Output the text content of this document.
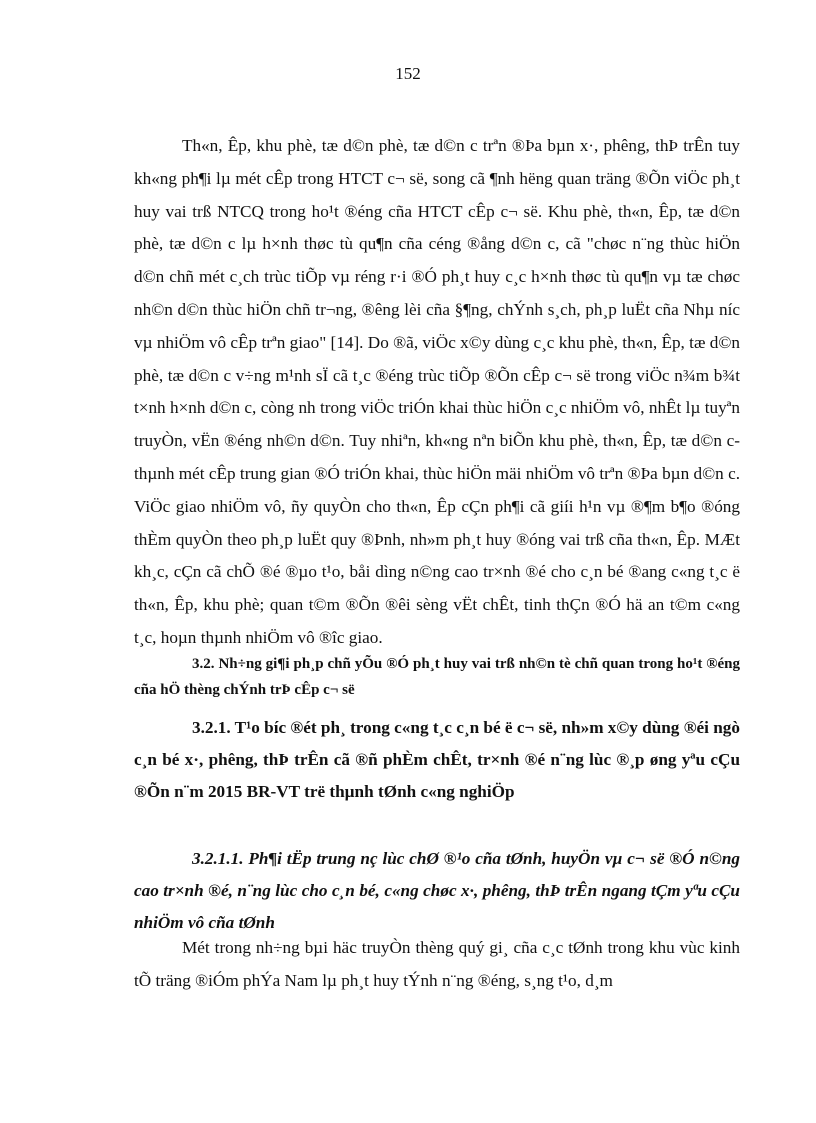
152

Th«n, Êp, khu phè, tæ d©n phè, tæ d©n c trªn ®Þa bµn x·, phêng, thÞ trÊn tuy kh«ng ph¶i lµ mét cÊp trong HTCT c¬ së, song cã ¶nh hëng quan träng ®Õn viÖc ph¸t huy vai trß NTCQ trong ho¹t ®éng cña HTCT cÊp c¬ së. Khu phè, th«n, Êp, tæ d©n phè, tæ d©n c lµ h×nh thøc tù qu¶n cña céng ®ång d©n c, cã "chøc n¨ng thùc hiÖn d©n chñ mét c¸ch trùc tiÕp vµ réng r·i ®Ó ph¸t huy c¸c h×nh thøc tù qu¶n vµ tæ chøc nh©n d©n thùc hiÖn chñ tr¬ng, ®êng lèi cña §¶ng, chÝnh s¸ch, ph¸p luËt cña Nhµ níc vµ nhiÖm vô cÊp trªn giao" [14]. Do ®ã, viÖc x©y dùng c¸c khu phè, th«n, Êp, tæ d©n phè, tæ d©n c v÷ng m¹nh sÏ cã t¸c ®éng trùc tiÕp ®Õn cÊp c¬ së trong viÖc n¾m b¾t t×nh h×nh d©n c, còng nh trong viÖc triÓn khai thùc hiÖn c¸c nhiÖm vô, nhÊt lµ tuyªn truyÒn, vËn ®éng nh©n d©n. Tuy nhiªn, kh«ng nªn biÕn khu phè, th«n, Êp, tæ d©n c thµnh mét cÊp trung gian ®Ó triÓn khai, thùc hiÖn mäi nhiÖm vô trªn ®Þa bµn d©n c. ViÖc giao nhiÖm vô, ñy quyÒn cho th«n, Êp cÇn ph¶i cã giíi h¹n vµ ®¶m b¶o ®óng thÈm quyÒn theo ph¸p luËt quy ®Þnh, nh»m ph¸t huy ®óng vai trß cña th«n, Êp. MÆt kh¸c, cÇn cã chÕ ®é ®µo t¹o, båi dìng n©ng cao tr×nh ®é cho c¸n bé ®ang c«ng t¸c ë th«n, Êp, khu phè; quan t©m ®Õn ®êi sèng vËt chÊt, tinh thÇn ®Ó hä an t©m c«ng t¸c, hoµn thµnh nhiÖm vô ®îc giao.

3.2. Nh÷ng gi¶i ph¸p chñ yÕu ®Ó ph¸t huy vai trß nh©n tè chñ quan trong ho¹t ®éng cña hÖ thèng chÝnh trÞ cÊp c¬ së

3.2.1. T¹o bíc ®ét ph¸ trong c«ng t¸c c¸n bé ë c¬ së, nh»m x©y dùng ®éi ngò c¸n bé x·, phêng, thÞ trÊn cã ®ñ phÈm chÊt, tr×nh ®é n¨ng lùc ®¸p øng yªu cÇu ®Õn n¨m 2015 BR-VT trë thµnh tØnh c«ng nghiÖp

3.2.1.1. Ph¶i tËp trung nç lùc chØ ®¹o cña tØnh, huyÖn vµ c¬ së ®Ó n©ng cao tr×nh ®é, n¨ng lùc cho c¸n bé, c«ng chøc x·, phêng, thÞ trÊn ngang tÇm yªu cÇu nhiÖm vô cña tØnh

Mét trong nh÷ng bµi häc truyÒn thèng quý gi¸ cña c¸c tØnh trong khu vùc kinh tÕ träng ®iÓm phÝa Nam lµ ph¸t huy tÝnh n¨ng ®éng, s¸ng t¹o, d¸m
